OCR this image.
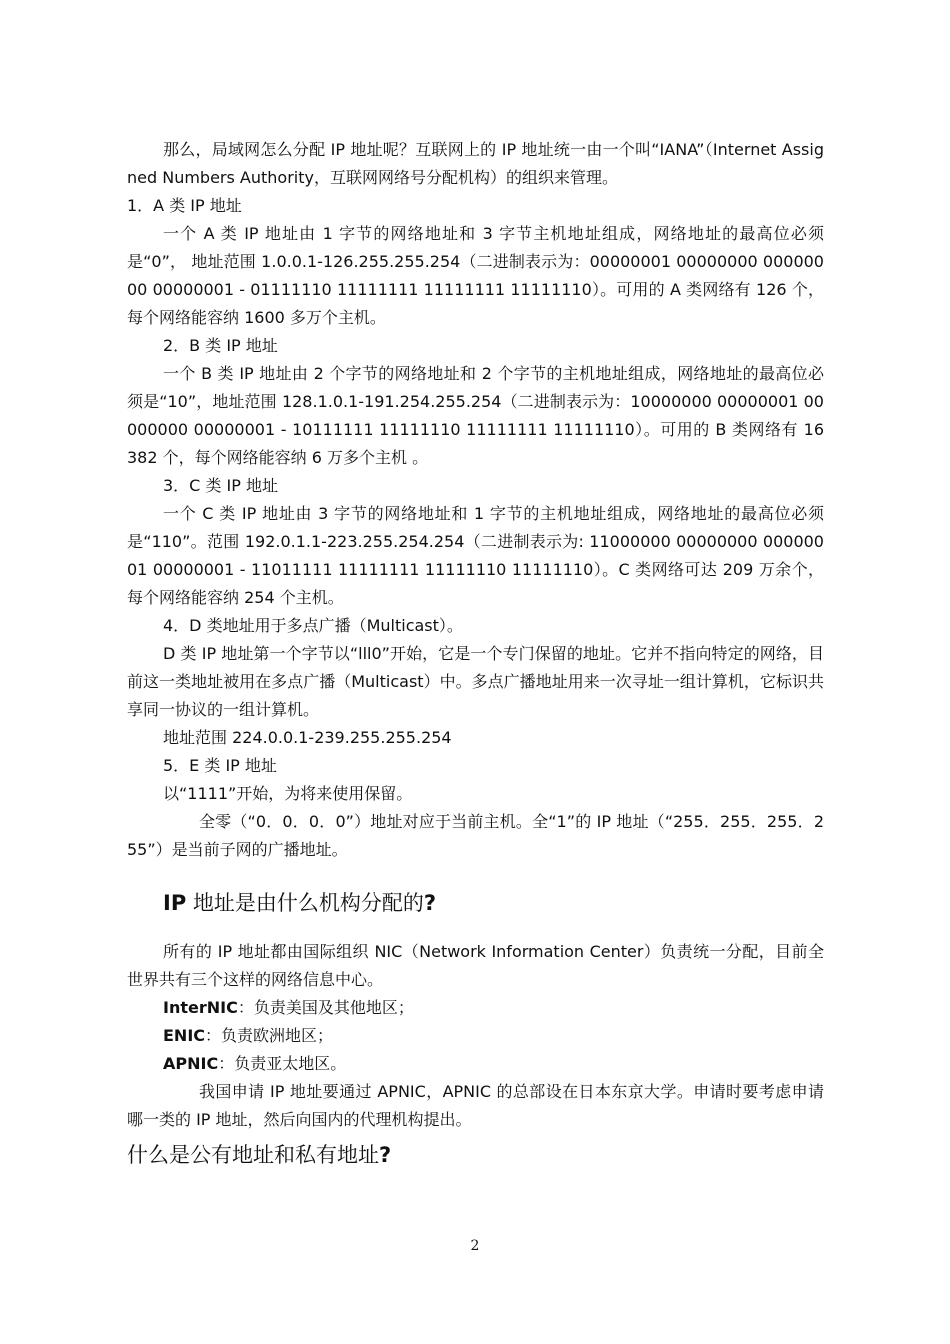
那么，局域网怎么分配 IP 地址呢？互联网上的 IP 地址统一由一个叫“IANA”（Internet Assigned Numbers Authority，互联网网络号分配机构）的组织来管理。

1．A 类 IP 地址

一个 A 类 IP 地址由 1 字节的网络地址和 3 字节主机地址组成，网络地址的最高位必须是“0”， 地址范围 1.0.0.1-126.255.255.254（二进制表示为：00000001 00000000 00000000 00000001 - 01111110 11111111 11111111 11111110）。可用的 A 类网络有 126 个，每个网络能容纳 1600 多万个主机。

2．B 类 IP 地址

一个 B 类 IP 地址由 2 个字节的网络地址和 2 个字节的主机地址组成，网络地址的最高位必须是“10”，地址范围 128.1.0.1-191.254.255.254（二进制表示为：10000000 00000001 00000000 00000001 - 10111111 11111110 11111111 11111110）。可用的 B 类网络有 16382 个，每个网络能容纳 6 万多个主机 。

3．C 类 IP 地址

一个 C 类 IP 地址由 3 字节的网络地址和 1 字节的主机地址组成，网络地址的最高位必须是“110”。范围 192.0.1.1-223.255.254.254（二进制表示为: 11000000 00000000 00000001 00000001 - 11011111 11111111 11111110 11111110）。C 类网络可达 209 万余个，每个网络能容纳 254 个主机。

4．D 类地址用于多点广播（Multicast）。

D 类 IP 地址第一个字节以“lll0”开始，它是一个专门保留的地址。它并不指向特定的网络，目前这一类地址被用在多点广播（Multicast）中。多点广播地址用来一次寻址一组计算机，它标识共享同一协议的一组计算机。

地址范围 224.0.0.1-239.255.255.254

5．E 类 IP 地址

以“1111”开始，为将来使用保留。

全零（“0．0．0．0”）地址对应于当前主机。全“1”的 IP 地址（“255．255．255．255”）是当前子网的广播地址。

IP 地址是由什么机构分配的?

所有的 IP 地址都由国际组织 NIC（Network Information Center）负责统一分配，目前全世界共有三个这样的网络信息中心。

InterNIC：负责美国及其他地区；

ENIC：负责欧洲地区；

APNIC：负责亚太地区。

我国申请 IP 地址要通过 APNIC，APNIC 的总部设在日本东京大学。申请时要考虑申请哪一类的 IP 地址，然后向国内的代理机构提出。

什么是公有地址和私有地址?
2
